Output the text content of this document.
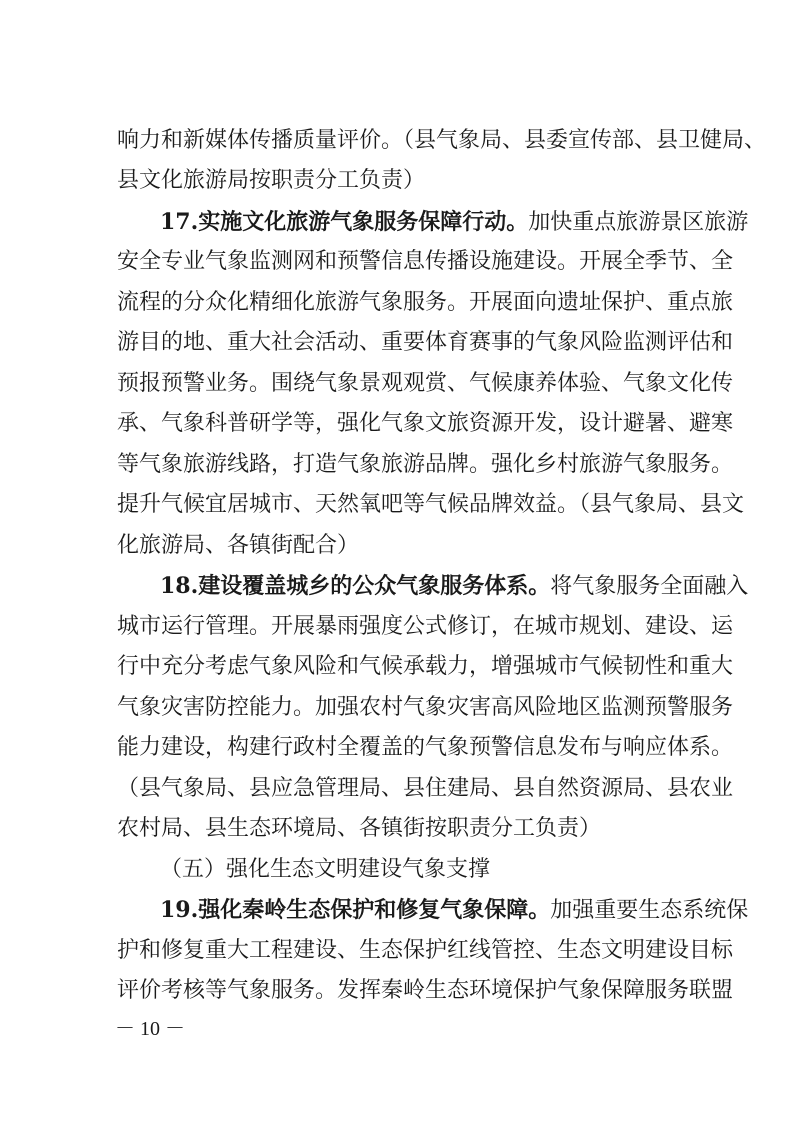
响力和新媒体传播质量评价。（县气象局、县委宣传部、县卫健局、
县文化旅游局按职责分工负责）
17.实施文化旅游气象服务保障行动。加快重点旅游景区旅游
安全专业气象监测网和预警信息传播设施建设。开展全季节、全
流程的分众化精细化旅游气象服务。开展面向遗址保护、重点旅
游目的地、重大社会活动、重要体育赛事的气象风险监测评估和
预报预警业务。围绕气象景观观赏、气候康养体验、气象文化传
承、气象科普研学等，强化气象文旅资源开发，设计避暑、避寒
等气象旅游线路，打造气象旅游品牌。强化乡村旅游气象服务。
提升气候宜居城市、天然氧吧等气候品牌效益。（县气象局、县文
化旅游局、各镇街配合）
18.建设覆盖城乡的公众气象服务体系。将气象服务全面融入
城市运行管理。开展暴雨强度公式修订，在城市规划、建设、运
行中充分考虑气象风险和气候承载力，增强城市气候韧性和重大
气象灾害防控能力。加强农村气象灾害高风险地区监测预警服务
能力建设，构建行政村全覆盖的气象预警信息发布与响应体系。
（县气象局、县应急管理局、县住建局、县自然资源局、县农业
农村局、县生态环境局、各镇街按职责分工负责）
（五）强化生态文明建设气象支撑
19.强化秦岭生态保护和修复气象保障。加强重要生态系统保
护和修复重大工程建设、生态保护红线管控、生态文明建设目标
评价考核等气象服务。发挥秦岭生态环境保护气象保障服务联盟
－ 10 －
